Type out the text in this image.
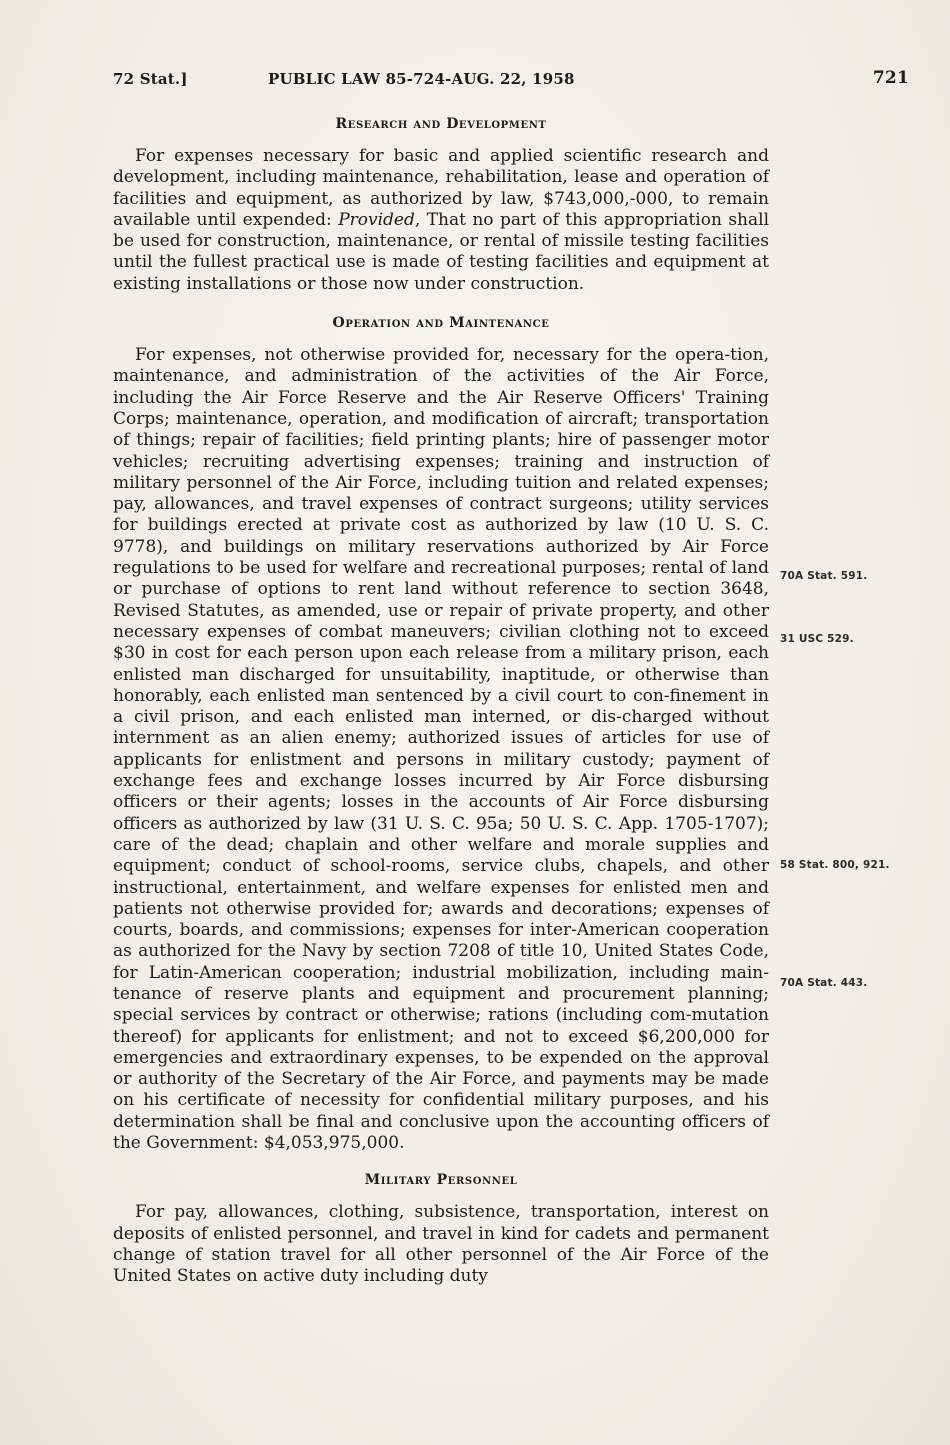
72 Stat.]	PUBLIC LAW 85-724-AUG. 22, 1958	721
Research and Development

For expenses necessary for basic and applied scientific research and development, including maintenance, rehabilitation, lease and operation of facilities and equipment, as authorized by law, $743,000,-000, to remain available until expended: Provided, That no part of this appropriation shall be used for construction, maintenance, or rental of missile testing facilities until the fullest practical use is made of testing facilities and equipment at existing installations or those now under construction.

Operation and Maintenance

For expenses, not otherwise provided for, necessary for the opera-tion, maintenance, and administration of the activities of the Air Force, including the Air Force Reserve and the Air Reserve Officers' Training Corps; maintenance, operation, and modification of aircraft; transportation of things; repair of facilities; field printing plants; hire of passenger motor vehicles; recruiting advertising expenses; training and instruction of military personnel of the Air Force, including tuition and related expenses; pay, allowances, and travel expenses of contract surgeons; utility services for buildings erected at private cost as authorized by law (10 U. S. C. 9778), and buildings on military reservations authorized by Air Force regulations to be used for welfare and recreational purposes; rental of land or purchase of options to rent land without reference to section 3648, Revised Statutes, as amended, use or repair of private property, and other necessary expenses of combat maneuvers; civilian clothing not to exceed $30 in cost for each person upon each release from a military prison, each enlisted man discharged for unsuitability, inaptitude, or otherwise than honorably, each enlisted man sentenced by a civil court to con-finement in a civil prison, and each enlisted man interned, or dis-charged without internment as an alien enemy; authorized issues of articles for use of applicants for enlistment and persons in military custody; payment of exchange fees and exchange losses incurred by Air Force disbursing officers or their agents; losses in the accounts of Air Force disbursing officers as authorized by law (31 U. S. C. 95a; 50 U. S. C. App. 1705-1707); care of the dead; chaplain and other welfare and morale supplies and equipment; conduct of school-rooms, service clubs, chapels, and other instructional, entertainment, and welfare expenses for enlisted men and patients not otherwise provided for; awards and decorations; expenses of courts, boards, and commissions; expenses for inter-American cooperation as authorized for the Navy by section 7208 of title 10, United States Code, for Latin-American cooperation; industrial mobilization, including main-tenance of reserve plants and equipment and procurement planning; special services by contract or otherwise; rations (including com-mutation thereof) for applicants for enlistment; and not to exceed $6,200,000 for emergencies and extraordinary expenses, to be expended on the approval or authority of the Secretary of the Air Force, and payments may be made on his certificate of necessity for confidential military purposes, and his determination shall be final and conclusive upon the accounting officers of the Government: $4,053,975,000.

Military Personnel

For pay, allowances, clothing, subsistence, transportation, interest on deposits of enlisted personnel, and travel in kind for cadets and permanent change of station travel for all other personnel of the Air Force of the United States on active duty including duty

70A Stat. 591.
31 USC 529.
58 Stat. 800, 921.
70A Stat. 443.
